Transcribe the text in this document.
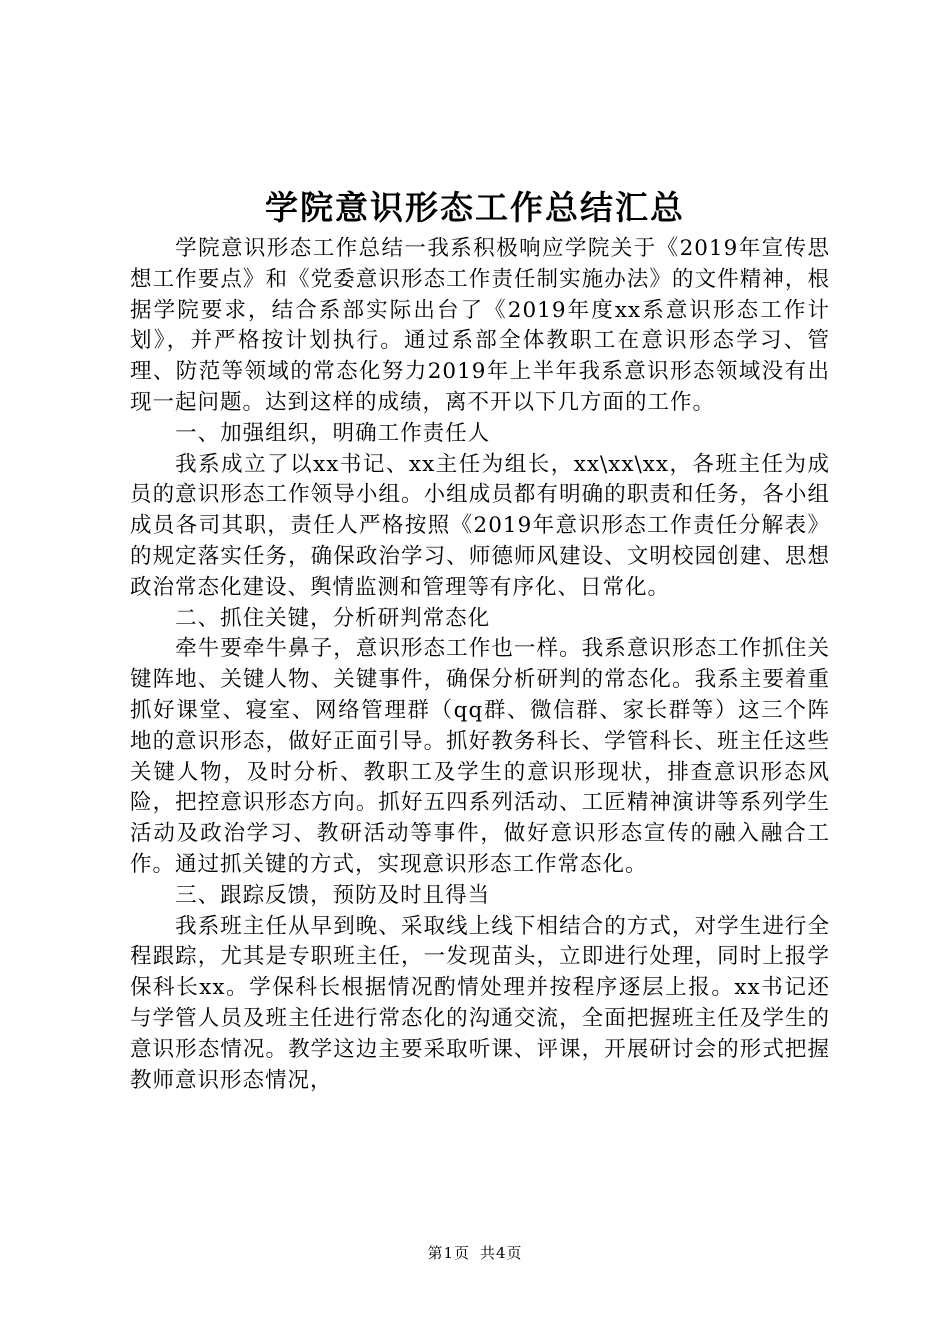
学院意识形态工作总结汇总

学院意识形态工作总结一我系积极响应学院关于《2019年宣传思想工作要点》和《党委意识形态工作责任制实施办法》的文件精神，根据学院要求，结合系部实际出台了《2019年度xx系意识形态工作计划》，并严格按计划执行。通过系部全体教职工在意识形态学习、管理、防范等领域的常态化努力2019年上半年我系意识形态领域没有出现一起问题。达到这样的成绩，离不开以下几方面的工作。

一、加强组织，明确工作责任人

我系成立了以xx书记、xx主任为组长，xx\xx\xx，各班主任为成员的意识形态工作领导小组。小组成员都有明确的职责和任务，各小组成员各司其职，责任人严格按照《2019年意识形态工作责任分解表》的规定落实任务，确保政治学习、师德师风建设、文明校园创建、思想政治常态化建设、舆情监测和管理等有序化、日常化。

二、抓住关键，分析研判常态化

牵牛要牵牛鼻子，意识形态工作也一样。我系意识形态工作抓住关键阵地、关键人物、关键事件，确保分析研判的常态化。我系主要着重抓好课堂、寝室、网络管理群（qq群、微信群、家长群等）这三个阵地的意识形态，做好正面引导。抓好教务科长、学管科长、班主任这些关键人物，及时分析、教职工及学生的意识形现状，排查意识形态风险，把控意识形态方向。抓好五四系列活动、工匠精神演讲等系列学生活动及政治学习、教研活动等事件，做好意识形态宣传的融入融合工作。通过抓关键的方式，实现意识形态工作常态化。

三、跟踪反馈，预防及时且得当

我系班主任从早到晚、采取线上线下相结合的方式，对学生进行全程跟踪，尤其是专职班主任，一发现苗头，立即进行处理，同时上报学保科长xx。学保科长根据情况酌情处理并按程序逐层上报。xx书记还与学管人员及班主任进行常态化的沟通交流，全面把握班主任及学生的意识形态情况。教学这边主要采取听课、评课，开展研讨会的形式把握教师意识形态情况，

第1页 共4页
